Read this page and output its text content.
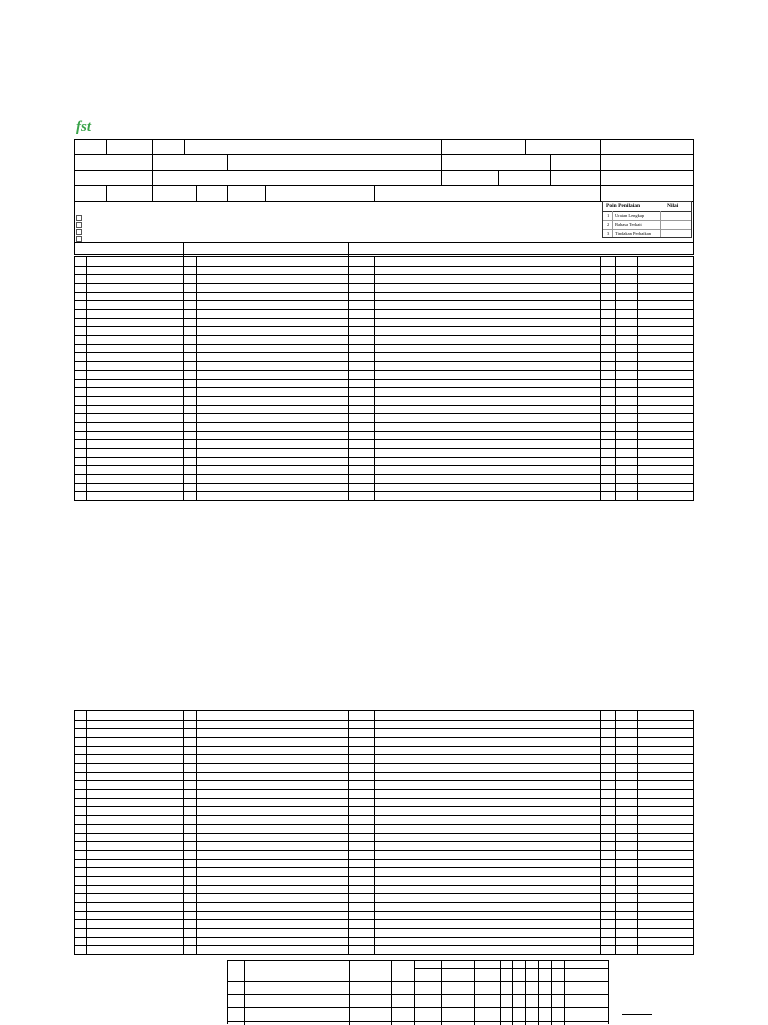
fst
Poin Penilaian	Nilai
1 Uraian Lengkap
2 Bahasa Terkait
3 Tindakan Perbaikan
